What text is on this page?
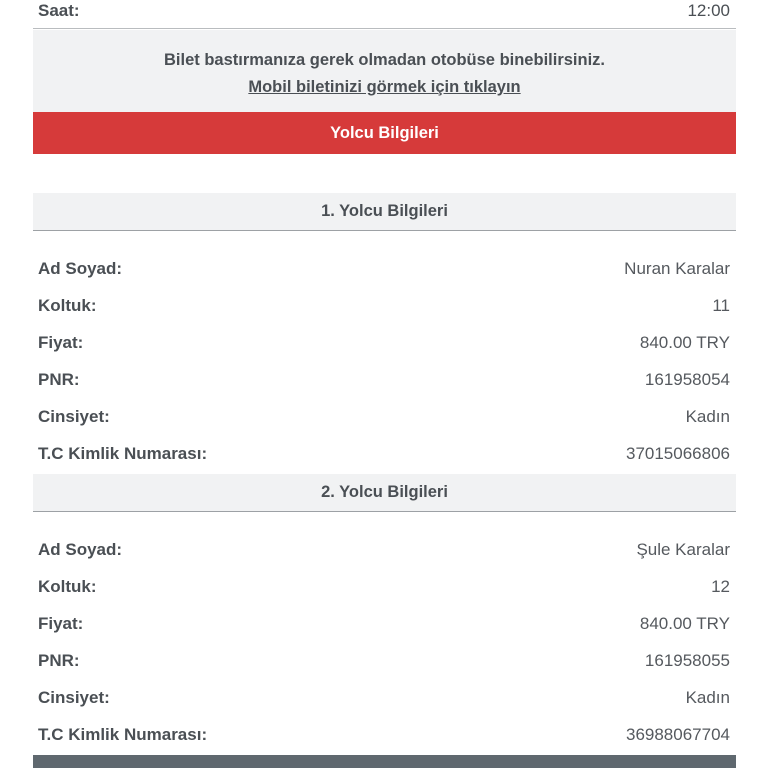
Saat:	12:00
Bilet bastırmanıza gerek olmadan otobüse binebilirsiniz.
Mobil biletinizi görmek için tıklayın
Yolcu Bilgileri
1. Yolcu Bilgileri
Ad Soyad:	Nuran Karalar
Koltuk:	11
Fiyat:	840.00 TRY
PNR:	161958054
Cinsiyet:	Kadın
T.C Kimlik Numarası:	37015066806
2. Yolcu Bilgileri
Ad Soyad:	Şule Karalar
Koltuk:	12
Fiyat:	840.00 TRY
PNR:	161958055
Cinsiyet:	Kadın
T.C Kimlik Numarası:	36988067704
